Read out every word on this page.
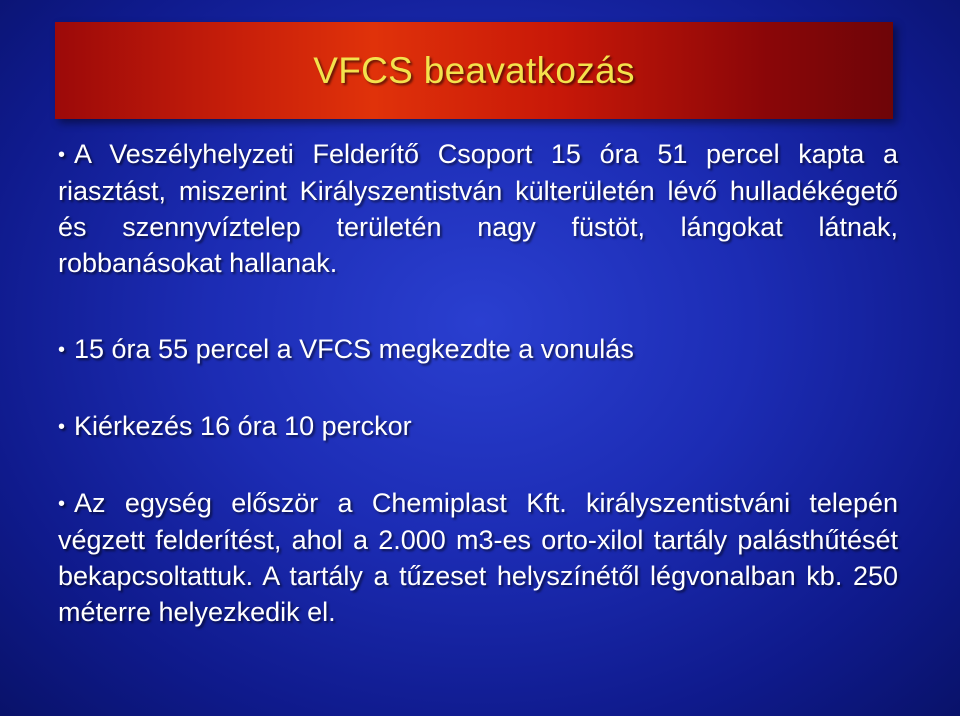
VFCS beavatkozás

• A Veszélyhelyzeti Felderítő Csoport 15 óra 51 percel kapta a riasztást, miszerint Királyszentistván külterületén lévő hulladékégető és szennyvíztelep területén nagy füstöt, lángokat látnak, robbanásokat hallanak.

• 15 óra 55 percel a VFCS megkezdte a vonulás

• Kiérkezés 16 óra 10 perckor

• Az egység először a Chemiplast Kft. királyszentistváni telepén végzett felderítést, ahol a 2.000 m3-es orto-xilol tartály palásthűtését bekapcsoltattuk. A tartály a tűzeset helyszínétől légvonalban kb. 250 méterre helyezkedik el.
